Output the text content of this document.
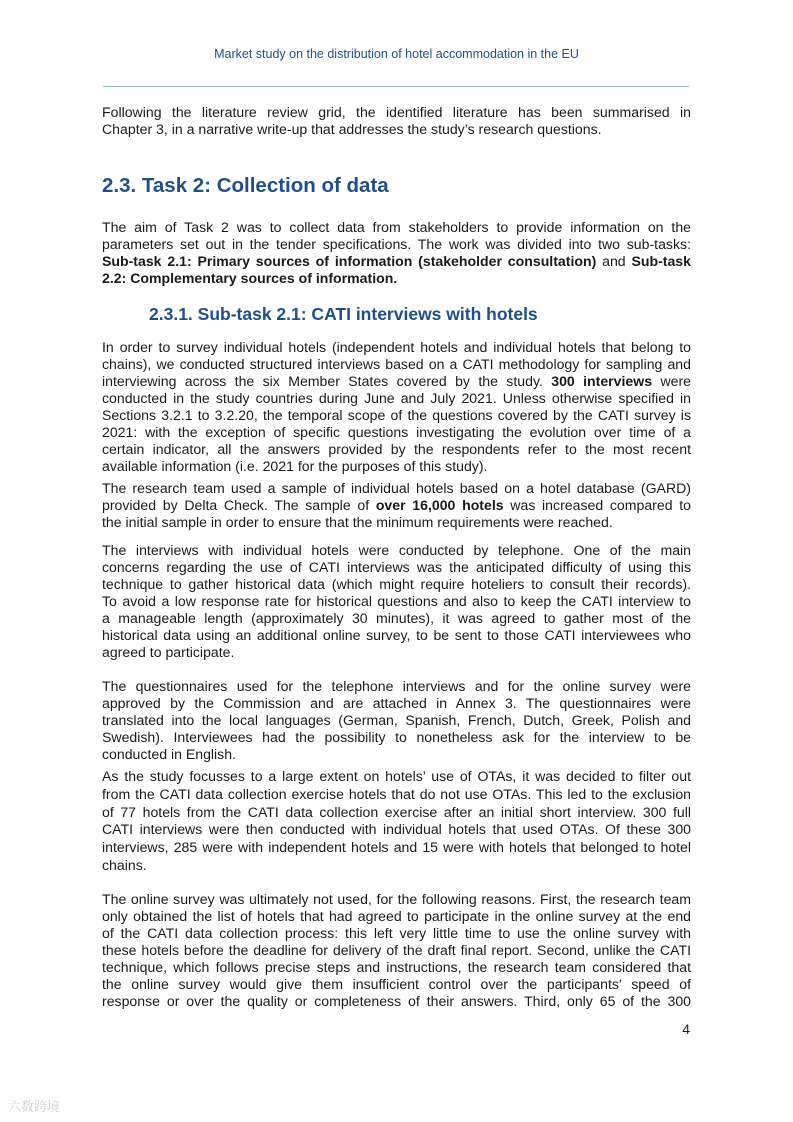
Market study on the distribution of hotel accommodation in the EU

Following the literature review grid, the identified literature has been summarised in
Chapter 3, in a narrative write-up that addresses the study’s research questions.

2.3. Task 2: Collection of data

The aim of Task 2 was to collect data from stakeholders to provide information on the
parameters set out in the tender specifications. The work was divided into two sub-tasks:
Sub-task 2.1: Primary sources of information (stakeholder consultation) and Sub-task
2.2: Complementary sources of information.

2.3.1. Sub-task 2.1: CATI interviews with hotels

In order to survey individual hotels (independent hotels and individual hotels that belong to
chains), we conducted structured interviews based on a CATI methodology for sampling and
interviewing across the six Member States covered by the study. 300 interviews were
conducted in the study countries during June and July 2021. Unless otherwise specified in
Sections 3.2.1 to 3.2.20, the temporal scope of the questions covered by the CATI survey is
2021: with the exception of specific questions investigating the evolution over time of a
certain indicator, all the answers provided by the respondents refer to the most recent
available information (i.e. 2021 for the purposes of this study).

The research team used a sample of individual hotels based on a hotel database (GARD)
provided by Delta Check. The sample of over 16,000 hotels was increased compared to
the initial sample in order to ensure that the minimum requirements were reached.

The interviews with individual hotels were conducted by telephone. One of the main
concerns regarding the use of CATI interviews was the anticipated difficulty of using this
technique to gather historical data (which might require hoteliers to consult their records).
To avoid a low response rate for historical questions and also to keep the CATI interview to
a manageable length (approximately 30 minutes), it was agreed to gather most of the
historical data using an additional online survey, to be sent to those CATI interviewees who
agreed to participate.

The questionnaires used for the telephone interviews and for the online survey were
approved by the Commission and are attached in Annex 3. The questionnaires were
translated into the local languages (German, Spanish, French, Dutch, Greek, Polish and
Swedish). Interviewees had the possibility to nonetheless ask for the interview to be
conducted in English.

As the study focusses to a large extent on hotels’ use of OTAs, it was decided to filter out
from the CATI data collection exercise hotels that do not use OTAs. This led to the exclusion
of 77 hotels from the CATI data collection exercise after an initial short interview. 300 full
CATI interviews were then conducted with individual hotels that used OTAs. Of these 300
interviews, 285 were with independent hotels and 15 were with hotels that belonged to hotel
chains.

The online survey was ultimately not used, for the following reasons. First, the research team
only obtained the list of hotels that had agreed to participate in the online survey at the end
of the CATI data collection process: this left very little time to use the online survey with
these hotels before the deadline for delivery of the draft final report. Second, unlike the CATI
technique, which follows precise steps and instructions, the research team considered that
the online survey would give them insufficient control over the participants’ speed of
response or over the quality or completeness of their answers. Third, only 65 of the 300

4
六数跨境
